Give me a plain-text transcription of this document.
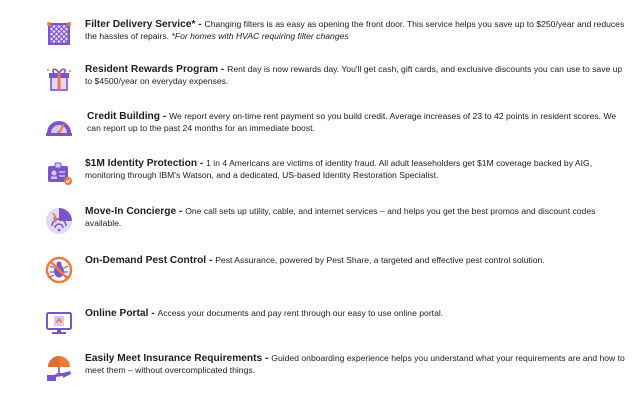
Filter Delivery Service* - Changing filters is as easy as opening the front door. This service helps you save up to $250/year and reduces the hassles of repairs. *For homes with HVAC requiring filter changes
Resident Rewards Program - Rent day is now rewards day. You'll get cash, gift cards, and exclusive discounts you can use to save up to $4500/year on everyday expenses.
Credit Building - We report every on-time rent payment so you build credit. Average increases of 23 to 42 points in resident scores. We can report up to the past 24 months for an immediate boost.
$1M Identity Protection - 1 in 4 Americans are victims of identity fraud. All adult leaseholders get $1M coverage backed by AIG, monitoring through IBM's Watson, and a dedicated, US-based Identity Restoration Specialist.
Move-In Concierge - One call sets up utility, cable, and internet services – and helps you get the best promos and discount codes available.
On-Demand Pest Control - Pest Assurance, powered by Pest Share, a targeted and effective pest control solution.
Online Portal - Access your documents and pay rent through our easy to use online portal.
Easily Meet Insurance Requirements - Guided onboarding experience helps you understand what your requirements are and how to meet them – without overcomplicated things.
